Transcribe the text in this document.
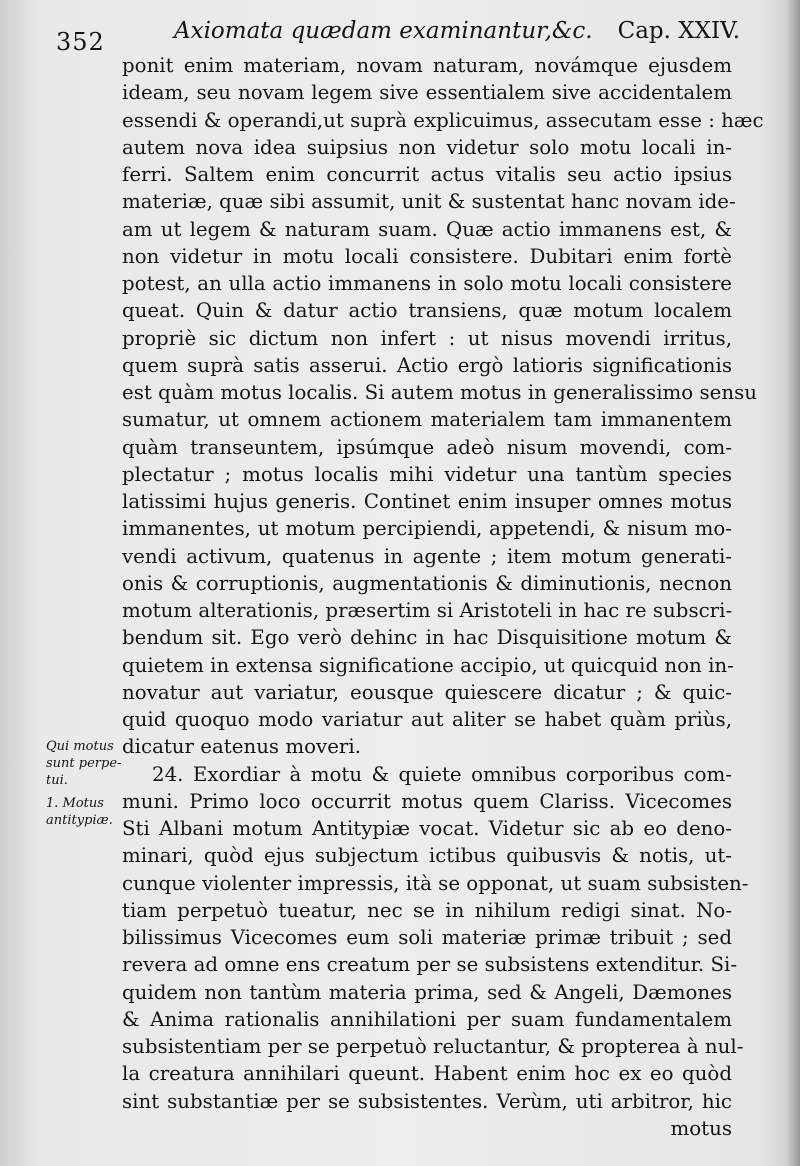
352	Axiomata quædam examinantur,&c. Cap. XXIV.
ponit enim materiam, novam naturam, novámque ejusdem
ideam, seu novam legem sive essentialem sive accidentalem
essendi & operandi,ut suprà explicuimus, assecutam esse : hæc
autem nova idea suipsius non videtur solo motu locali in-
ferri. Saltem enim concurrit actus vitalis seu actio ipsius
materiæ, quæ sibi assumit, unit & sustentat hanc novam ide-
am ut legem & naturam suam. Quæ actio immanens est, &
non videtur in motu locali consistere. Dubitari enim fortè
potest, an ulla actio immanens in solo motu locali consistere
queat. Quin & datur actio transiens, quæ motum localem
propriè sic dictum non infert : ut nisus movendi irritus,
quem suprà satis asserui. Actio ergò latioris significationis
est quàm motus localis. Si autem motus in generalissimo sensu
sumatur, ut omnem actionem materialem tam immanentem
quàm transeuntem, ipsúmque adeò nisum movendi, com-
plectatur ; motus localis mihi videtur una tantùm species
latissimi hujus generis. Continet enim insuper omnes motus
immanentes, ut motum percipiendi, appetendi, & nisum mo-
vendi activum, quatenus in agente ; item motum generati-
onis & corruptionis, augmentationis & diminutionis, necnon
motum alterationis, præsertim si Aristoteli in hac re subscri-
bendum sit. Ego verò dehinc in hac Disquisitione motum &
quietem in extensa significatione accipio, ut quicquid non in-
novatur aut variatur, eousque quiescere dicatur ; & quic-
quid quoquo modo variatur aut aliter se habet quàm priùs,
dicatur eatenus moveri.
24. Exordiar à motu & quiete omnibus corporibus com-
muni. Primo loco occurrit motus quem Clariss. Vicecomes
Sti Albani motum Antitypiæ vocat. Videtur sic ab eo deno-
minari, quòd ejus subjectum ictibus quibusvis & notis, ut-
cunque violenter impressis, ità se opponat, ut suam subsisten-
tiam perpetuò tueatur, nec se in nihilum redigi sinat. No-
bilissimus Vicecomes eum soli materiæ primæ tribuit ; sed
revera ad omne ens creatum per se subsistens extenditur. Si-
quidem non tantùm materia prima, sed & Angeli, Dæmones
& Anima rationalis annihilationi per suam fundamentalem
subsistentiam per se perpetuò reluctantur, & propterea à nul-
la creatura annihilari queunt. Habent enim hoc ex eo quòd
sint substantiæ per se subsistentes. Verùm, uti arbitror, hic
motus
Qui motus
sunt perpe-
tui.
1. Motus
antitypiæ.
